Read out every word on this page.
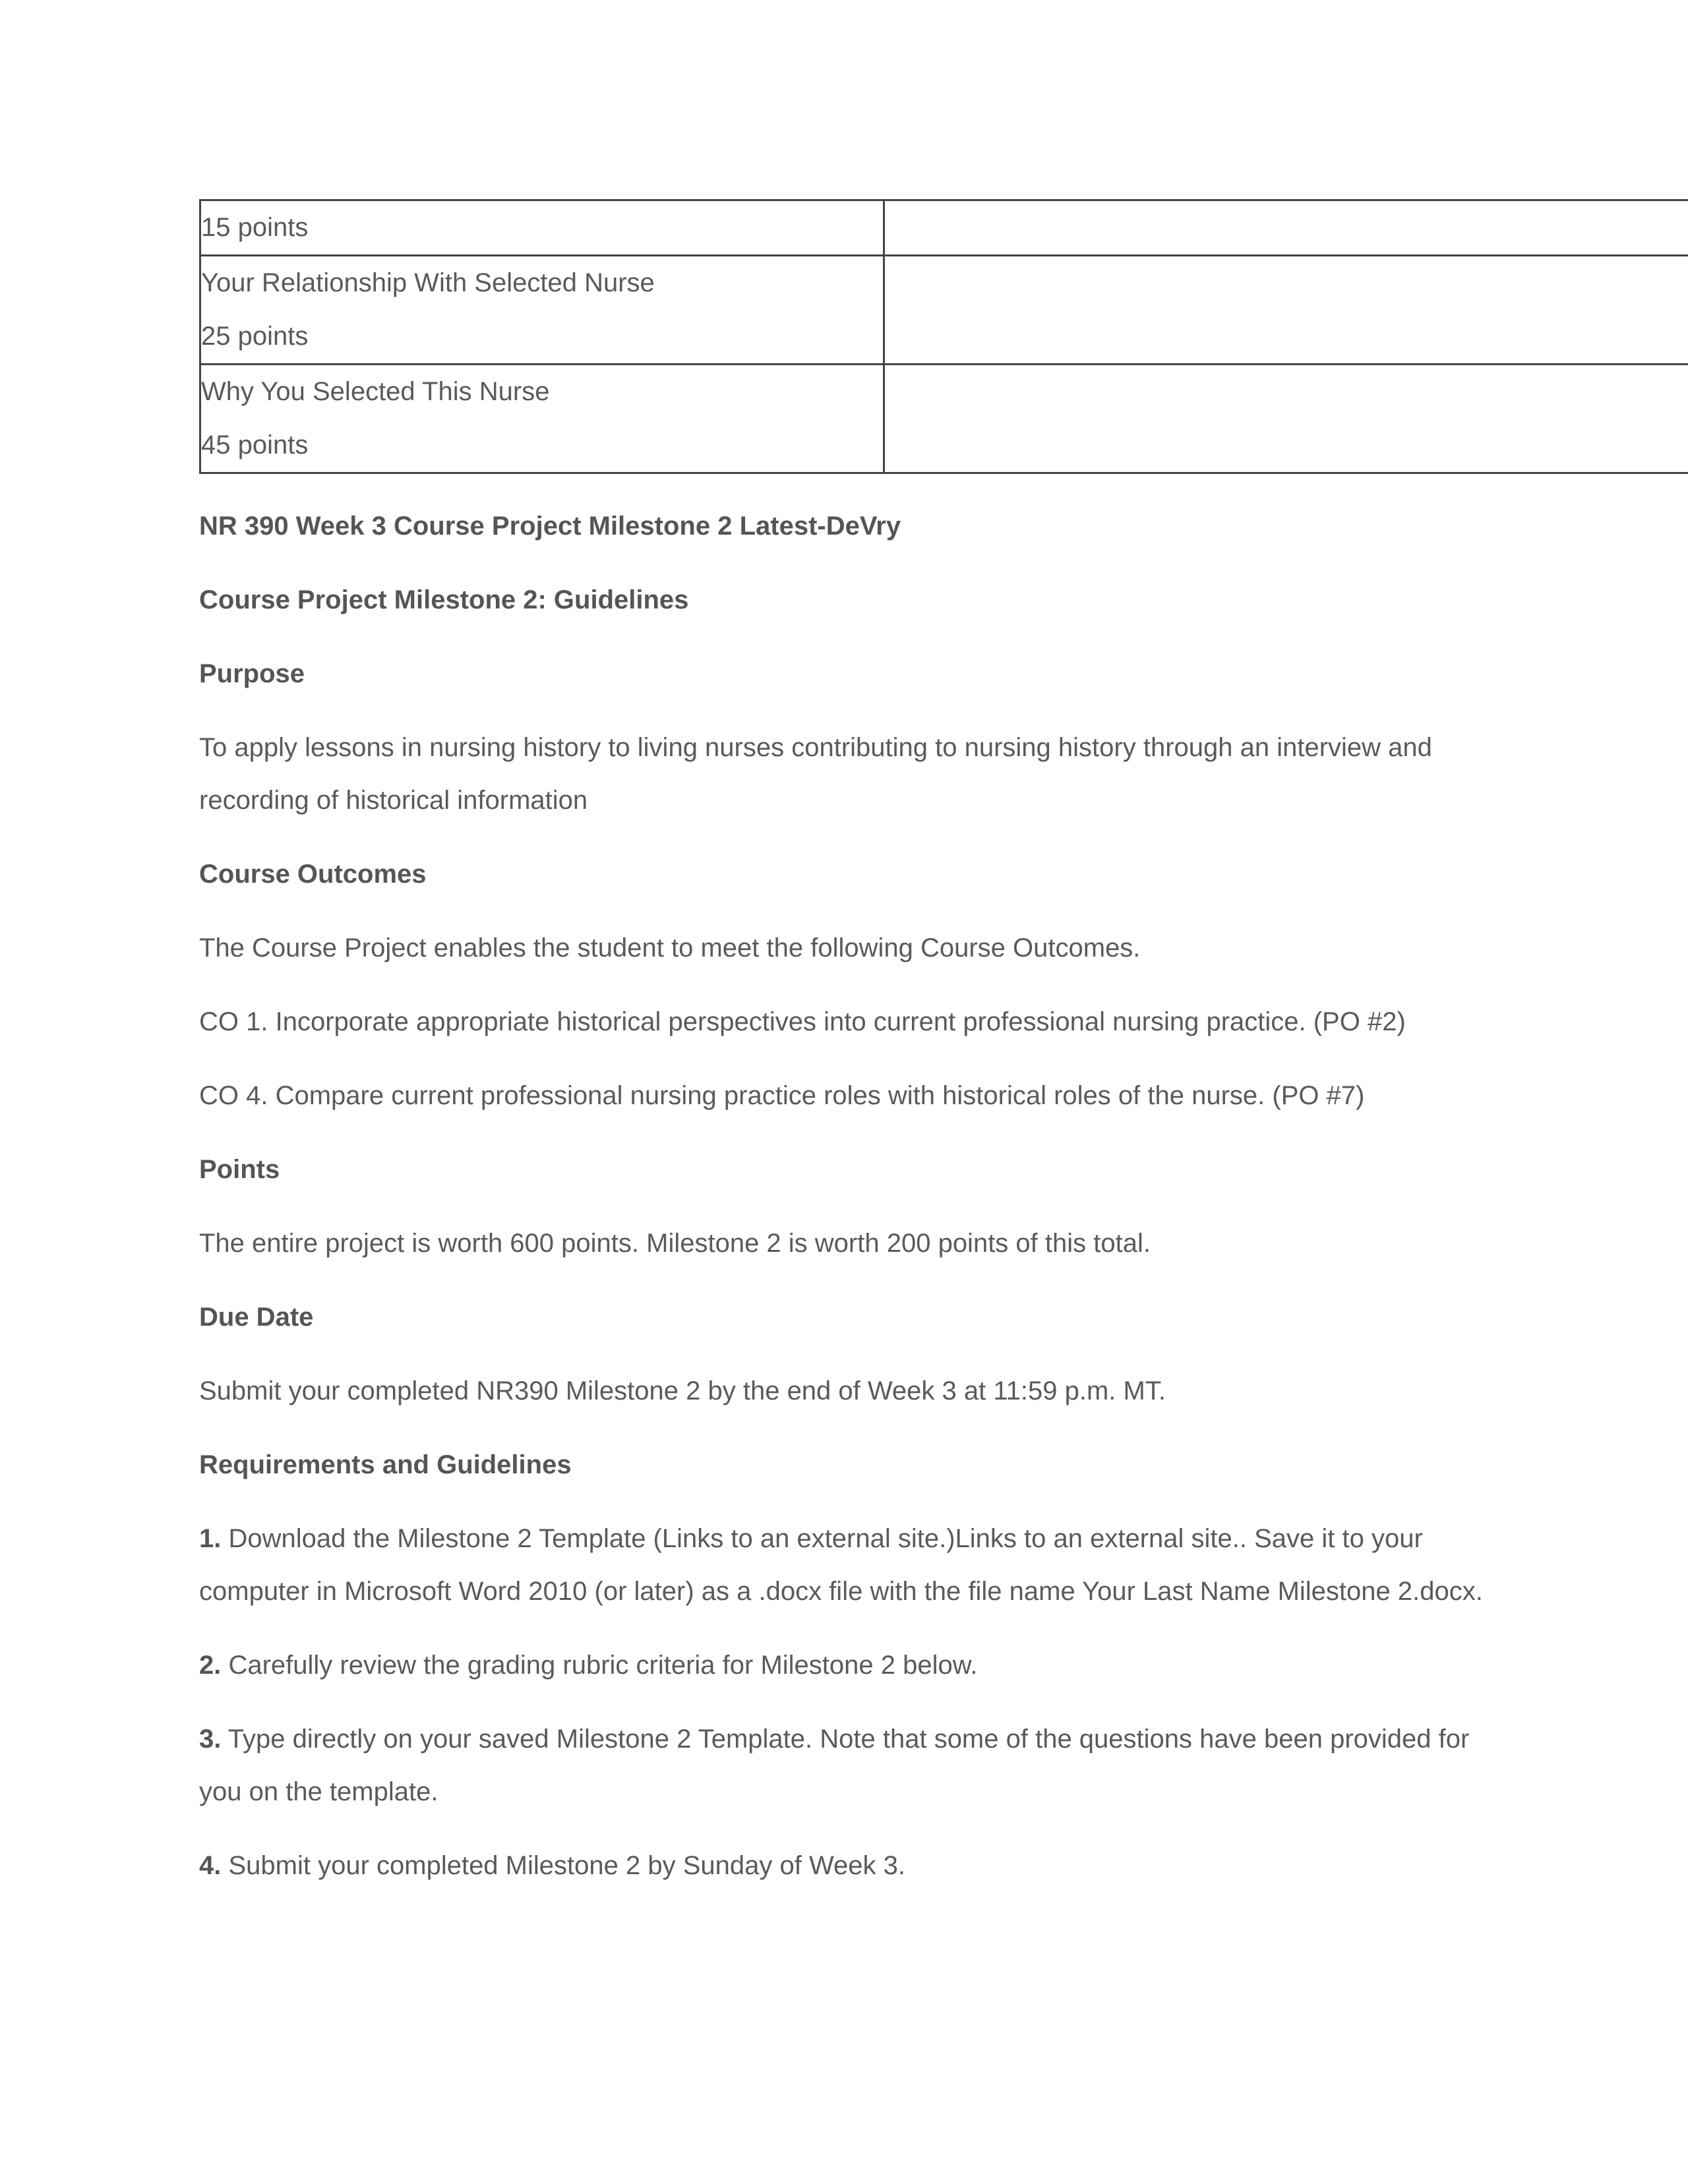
15 points	

Your Relationship With Selected Nurse
25 points	

Why You Selected This Nurse
45 points	

NR 390 Week 3 Course Project Milestone 2 Latest-DeVry

Course Project Milestone 2: Guidelines

Purpose

To apply lessons in nursing history to living nurses contributing to nursing history through an interview and recording of historical information

Course Outcomes

The Course Project enables the student to meet the following Course Outcomes.

CO 1. Incorporate appropriate historical perspectives into current professional nursing practice. (PO #2)

CO 4. Compare current professional nursing practice roles with historical roles of the nurse. (PO #7)

Points

The entire project is worth 600 points. Milestone 2 is worth 200 points of this total.

Due Date

Submit your completed NR390 Milestone 2 by the end of Week 3 at 11:59 p.m. MT.

Requirements and Guidelines

1. Download the Milestone 2 Template (Links to an external site.)Links to an external site.. Save it to your computer in Microsoft Word 2010 (or later) as a .docx file with the file name Your Last Name Milestone 2.docx.

2. Carefully review the grading rubric criteria for Milestone 2 below.

3. Type directly on your saved Milestone 2 Template. Note that some of the questions have been provided for you on the template.

4. Submit your completed Milestone 2 by Sunday of Week 3.
